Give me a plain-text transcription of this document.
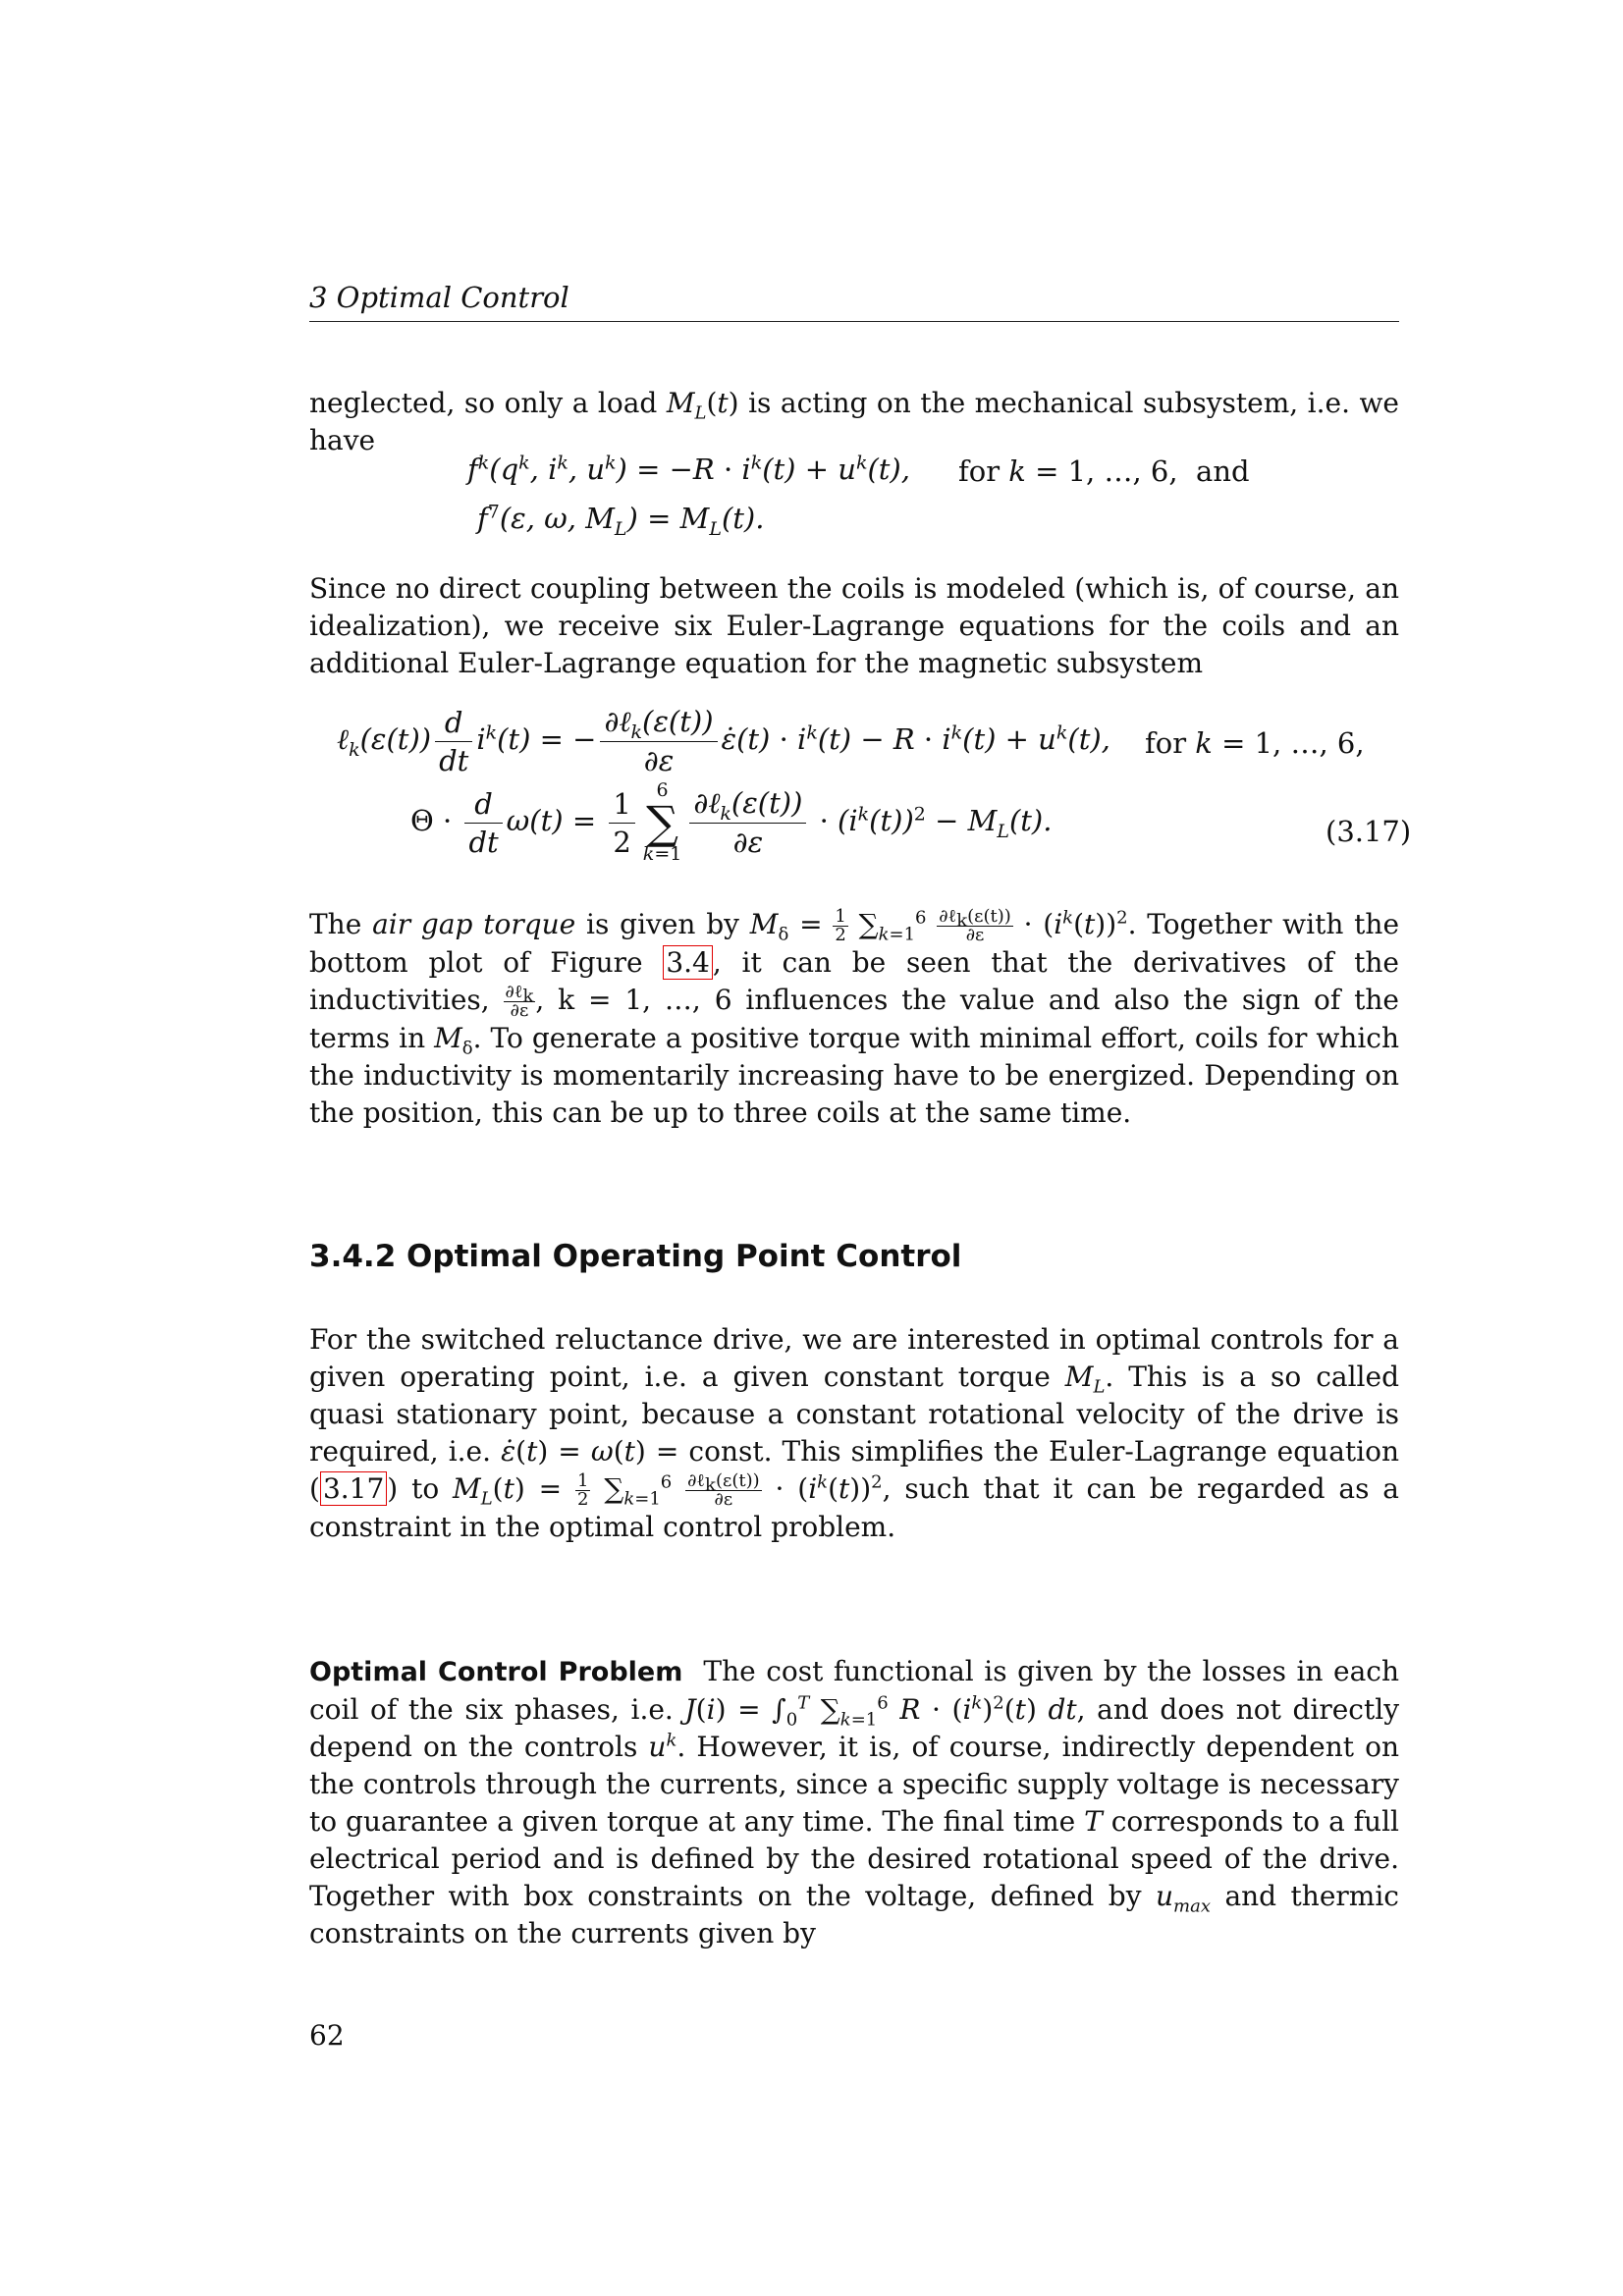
3 Optimal Control
neglected, so only a load $M_L(t)$ is acting on the mechanical subsystem, i.e. we have
$f^k(q^k$, $i^k$, $u^k) = -R \cdot i^k(t) + u^k(t)$, for k = 1, …, 6,  and
$f^7(\varepsilon$, ω, $M_L) = M_L(t)$.
Since no direct coupling between the coils is modeled (which is, of course, an idealization), we receive six Euler-Lagrange equations for the coils and an additional Euler-Lagrange equation for the magnetic subsystem
ℓ$_k$(ε(t)) $\frac{d}{dt} i^k(t)$ = − $\frac{\partial\ell_k(\varepsilon(t))}{\partial\varepsilon}$ ε̇(t) · $i^k(t) - R \cdot i^k(t) + u^k(t)$, for k = 1, …, 6,
$\Theta \cdot \frac{d}{dt} \omega(t) = \frac{1}{2}$	6
∑
$k=1 \frac{\partial\ell_k(\varepsilon(t))}{\partial\varepsilon} \cdot (i^k(t))^2 - M_L(t)$.	(3.17)
The air gap torque is given by $M_\delta = \frac{1}{2} \sum_{k=1}^6 \frac{\partial\ell_k(\varepsilon(t))}{\partial\varepsilon} \cdot (i^k(t))^2$. Together with the bottom plot of Figure 3.4 , it can be seen that the derivatives of the inductivities, $\frac{\partial\ell_k}{\partial\varepsilon}$ , k = 1, …, 6 influences the value and also the sign of the terms in $M_\delta$. To generate a positive torque with minimal effort, coils for which the inductivity is momentarily increasing have to be energized. Depending on the position, this can be up to three coils at the same time.
3.4.2 Optimal Operating Point Control
For the switched reluctance drive, we are interested in optimal controls for a given operating point, i.e. a given constant torque $M_L$. This is a so called quasi stationary point, because a constant rotational velocity of the drive is required, i.e. ε̇(t) = ω(t) = const. This simplifies the Euler-Lagrange equation ( 3.17 ) to $M_L(t) = \frac{1}{2} \sum_{k=1}^6 \frac{\partial\ell_k(\varepsilon(t))}{\partial\varepsilon} \cdot (i^k(t))^2$, such that it can be regarded as a constraint in the optimal control problem.
Optimal Control Problem The cost functional is given by the losses in each coil of the six phases, i.e. $J(i) = \int_0^T$ $\sum_{k=1}^6$ $R \cdot (i^k)^2(t)$ dt, and does not directly depend on the controls $u^k$. However, it is, of course, indirectly dependent on the controls through the currents, since a specific supply voltage is necessary to guarantee a given torque at any time. The final time T corresponds to a full electrical period and is defined by the desired rotational speed of the drive. Together with box constraints on the voltage, defined by $u_{max}$ and thermic constraints on the currents given by
62
